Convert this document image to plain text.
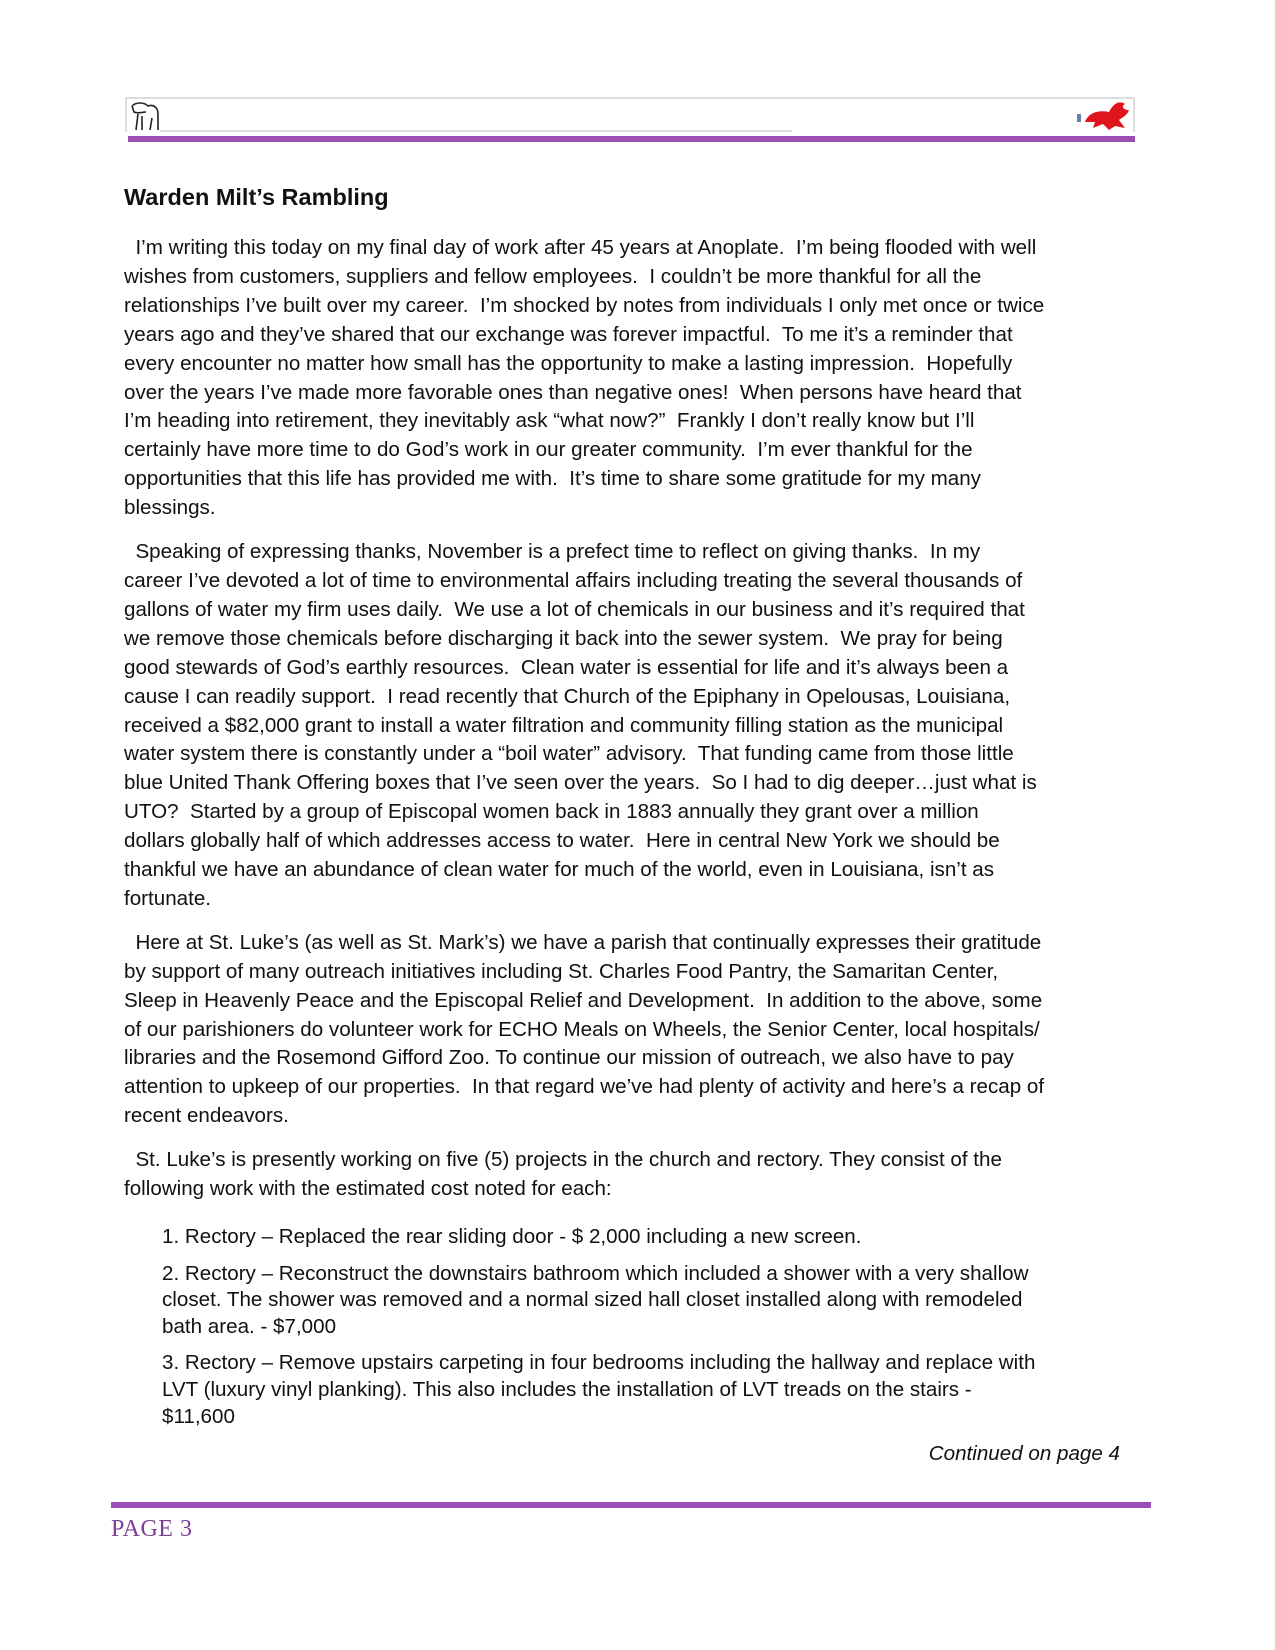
Warden Milt’s Rambling
I’m writing this today on my final day of work after 45 years at Anoplate.  I’m being flooded with well
wishes from customers, suppliers and fellow employees.  I couldn’t be more thankful for all the
relationships I’ve built over my career.  I’m shocked by notes from individuals I only met once or twice
years ago and they’ve shared that our exchange was forever impactful.  To me it’s a reminder that
every encounter no matter how small has the opportunity to make a lasting impression.  Hopefully
over the years I’ve made more favorable ones than negative ones!  When persons have heard that
I’m heading into retirement, they inevitably ask “what now?”  Frankly I don’t really know but I’ll
certainly have more time to do God’s work in our greater community.  I’m ever thankful for the
opportunities that this life has provided me with.  It’s time to share some gratitude for my many
blessings.
Speaking of expressing thanks, November is a prefect time to reflect on giving thanks.  In my
career I’ve devoted a lot of time to environmental affairs including treating the several thousands of
gallons of water my firm uses daily.  We use a lot of chemicals in our business and it’s required that
we remove those chemicals before discharging it back into the sewer system.  We pray for being
good stewards of God’s earthly resources.  Clean water is essential for life and it’s always been a
cause I can readily support.  I read recently that Church of the Epiphany in Opelousas, Louisiana,
received a $82,000 grant to install a water filtration and community filling station as the municipal
water system there is constantly under a “boil water” advisory.  That funding came from those little
blue United Thank Offering boxes that I’ve seen over the years.  So I had to dig deeper…just what is
UTO?  Started by a group of Episcopal women back in 1883 annually they grant over a million
dollars globally half of which addresses access to water.  Here in central New York we should be
thankful we have an abundance of clean water for much of the world, even in Louisiana, isn’t as
fortunate.
Here at St. Luke’s (as well as St. Mark’s) we have a parish that continually expresses their gratitude
by support of many outreach initiatives including St. Charles Food Pantry, the Samaritan Center,
Sleep in Heavenly Peace and the Episcopal Relief and Development.  In addition to the above, some
of our parishioners do volunteer work for ECHO Meals on Wheels, the Senior Center, local hospitals/
libraries and the Rosemond Gifford Zoo. To continue our mission of outreach, we also have to pay
attention to upkeep of our properties.  In that regard we’ve had plenty of activity and here’s a recap of
recent endeavors.
St. Luke’s is presently working on five (5) projects in the church and rectory. They consist of the
following work with the estimated cost noted for each:
1. Rectory – Replaced the rear sliding door - $ 2,000 including a new screen.
2. Rectory – Reconstruct the downstairs bathroom which included a shower with a very shallow
closet. The shower was removed and a normal sized hall closet installed along with remodeled
bath area. - $7,000
3. Rectory – Remove upstairs carpeting in four bedrooms including the hallway and replace with
LVT (luxury vinyl planking). This also includes the installation of LVT treads on the stairs -
$11,600
Continued on page 4
PAGE 3
